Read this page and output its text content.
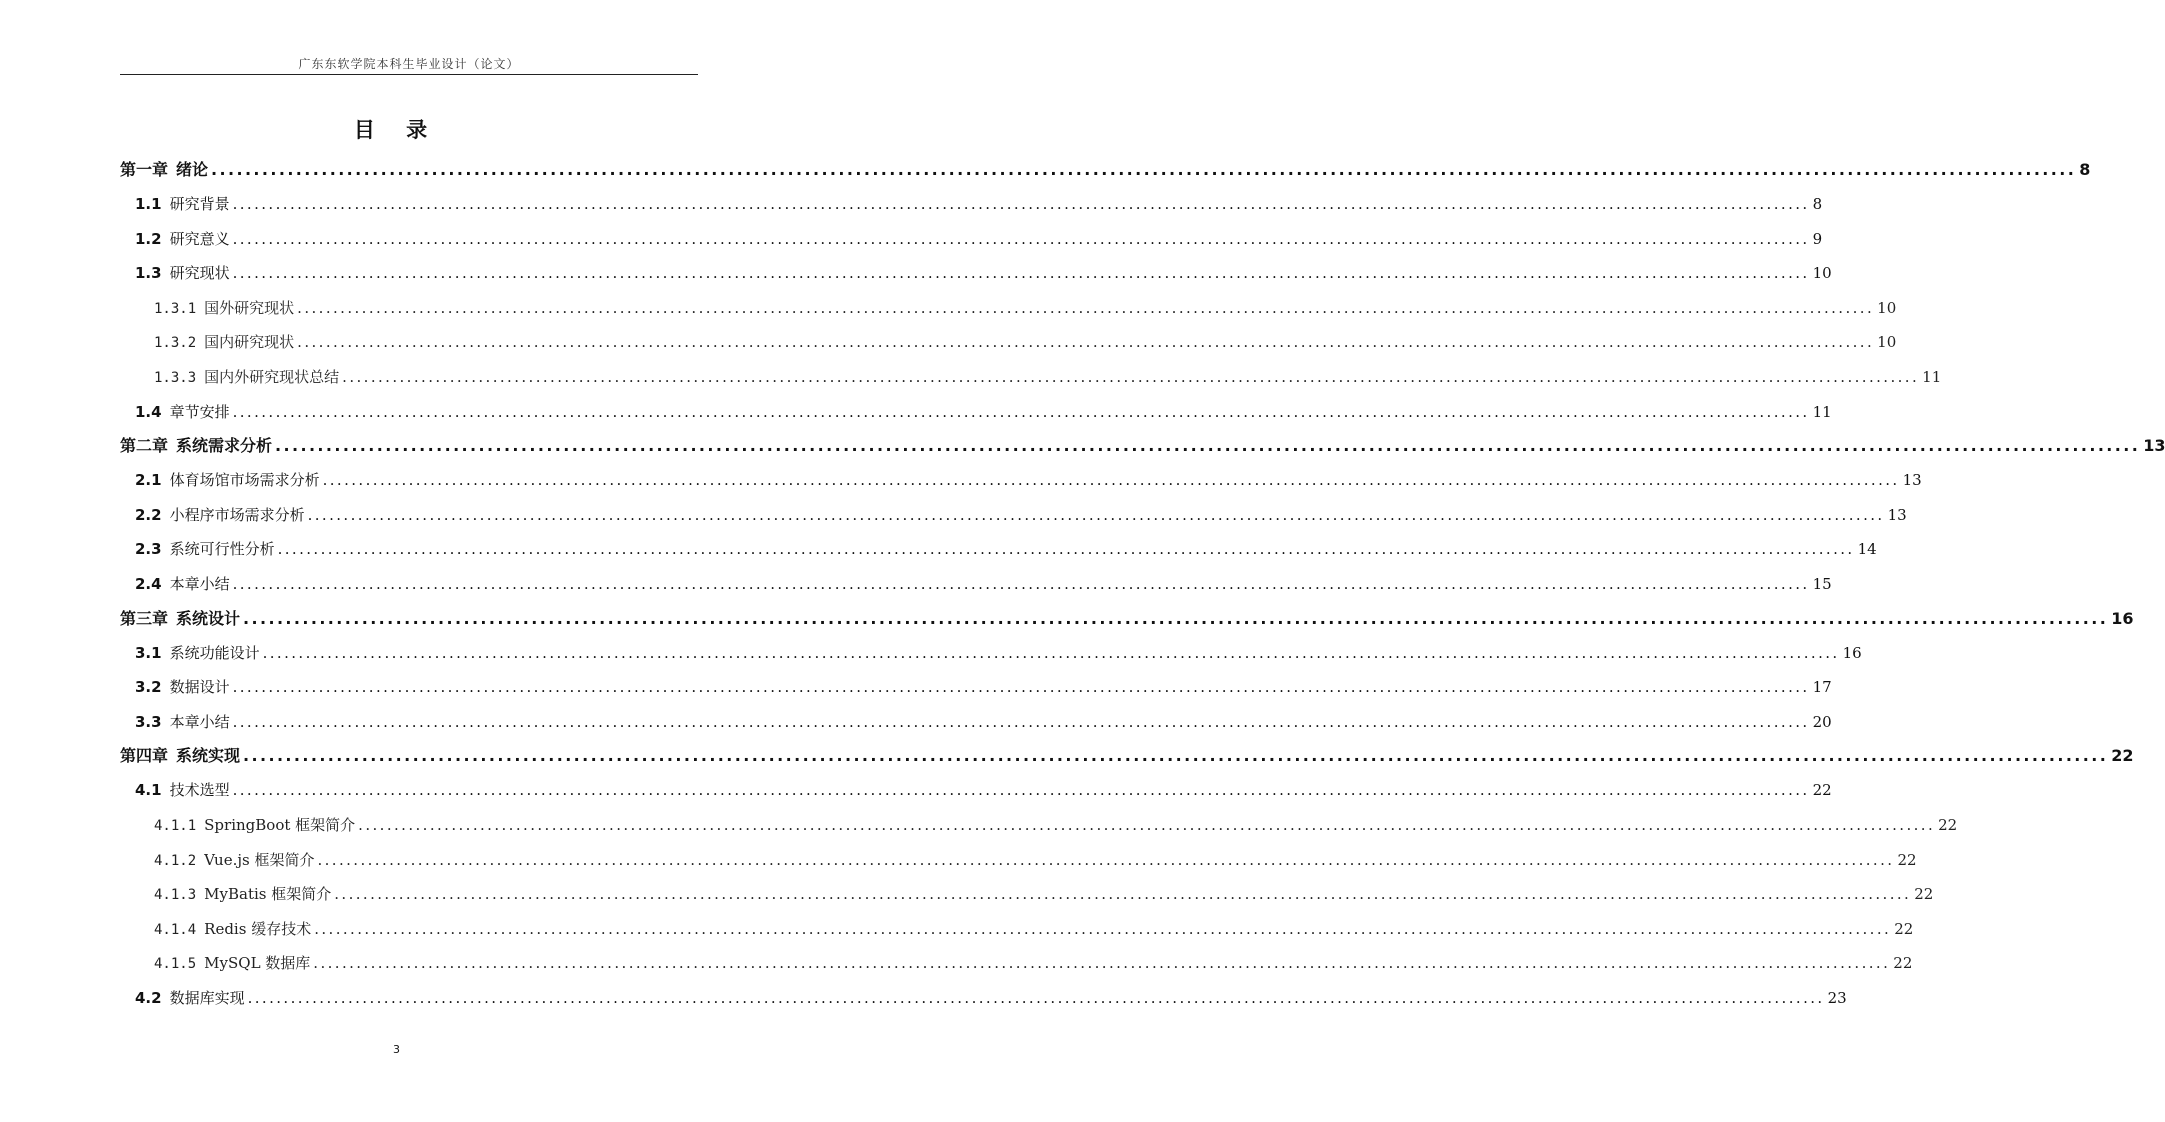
广东东软学院本科生毕业设计（论文）
目 录
第一章 绪论 ............................................................................................................................................................................................................................ 8
1.1 研究背景 ............................................................................................................................................................................................................................ 8
1.2 研究意义 ............................................................................................................................................................................................................................ 9
1.3 研究现状 ............................................................................................................................................................................................................................ 10
1.3.1 国外研究现状 ............................................................................................................................................................................................................................ 10
1.3.2 国内研究现状 ............................................................................................................................................................................................................................ 10
1.3.3 国内外研究现状总结 ............................................................................................................................................................................................................................ 11
1.4 章节安排 ............................................................................................................................................................................................................................ 11
第二章 系统需求分析 ............................................................................................................................................................................................................................ 13
2.1 体育场馆市场需求分析 ............................................................................................................................................................................................................................ 13
2.2 小程序市场需求分析 ............................................................................................................................................................................................................................ 13
2.3 系统可行性分析 ............................................................................................................................................................................................................................ 14
2.4 本章小结 ............................................................................................................................................................................................................................ 15
第三章 系统设计 ............................................................................................................................................................................................................................ 16
3.1 系统功能设计 ............................................................................................................................................................................................................................ 16
3.2 数据设计 ............................................................................................................................................................................................................................ 17
3.3 本章小结 ............................................................................................................................................................................................................................ 20
第四章 系统实现 ............................................................................................................................................................................................................................ 22
4.1 技术选型 ............................................................................................................................................................................................................................ 22
4.1.1 SpringBoot 框架简介 ............................................................................................................................................................................................................................ 22
4.1.2 Vue.js 框架简介 ............................................................................................................................................................................................................................ 22
4.1.3 MyBatis 框架简介 ............................................................................................................................................................................................................................ 22
4.1.4 Redis 缓存技术 ............................................................................................................................................................................................................................ 22
4.1.5 MySQL 数据库 ............................................................................................................................................................................................................................ 22
4.2 数据库实现 ............................................................................................................................................................................................................................ 23
3
